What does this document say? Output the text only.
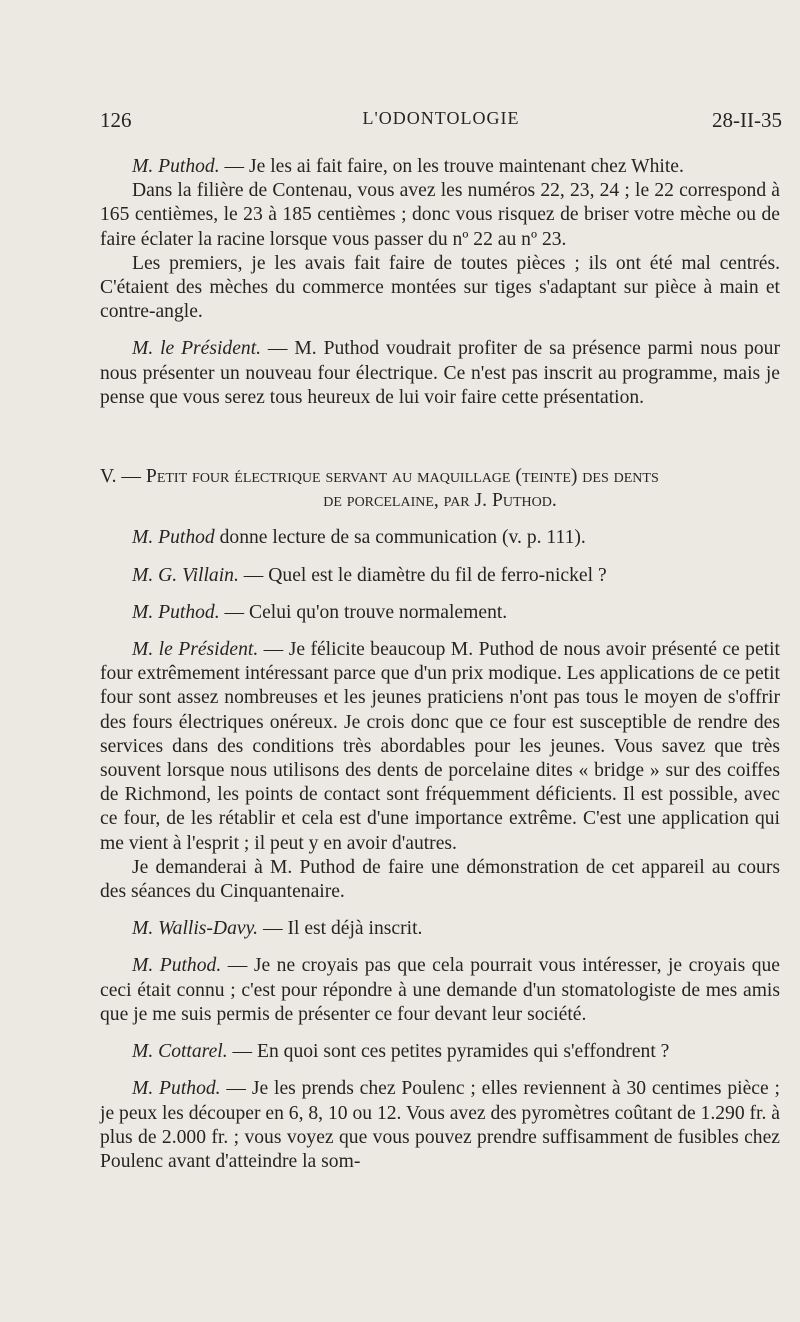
126	L'ODONTOLOGIE	28-II-35

M. Puthod. — Je les ai fait faire, on les trouve maintenant chez White.

Dans la filière de Contenau, vous avez les numéros 22, 23, 24 ; le 22 correspond à 165 centièmes, le 23 à 185 centièmes ; donc vous risquez de briser votre mèche ou de faire éclater la racine lorsque vous passer du nº 22 au nº 23.

Les premiers, je les avais fait faire de toutes pièces ; ils ont été mal centrés. C'étaient des mèches du commerce montées sur tiges s'adaptant sur pièce à main et contre-angle.

M. le Président. — M. Puthod voudrait profiter de sa présence parmi nous pour nous présenter un nouveau four électrique. Ce n'est pas inscrit au programme, mais je pense que vous serez tous heureux de lui voir faire cette présentation.

V. — Petit four électrique servant au maquillage (teinte) des dents

de porcelaine, par J. Puthod.

M. Puthod donne lecture de sa communication (v. p. 111).

M. G. Villain. — Quel est le diamètre du fil de ferro-nickel ?

M. Puthod. — Celui qu'on trouve normalement.

M. le Président. — Je félicite beaucoup M. Puthod de nous avoir présenté ce petit four extrêmement intéressant parce que d'un prix modique. Les applications de ce petit four sont assez nombreuses et les jeunes praticiens n'ont pas tous le moyen de s'offrir des fours électriques onéreux. Je crois donc que ce four est susceptible de rendre des services dans des conditions très abordables pour les jeunes. Vous savez que très souvent lorsque nous utilisons des dents de porcelaine dites « bridge » sur des coiffes de Richmond, les points de contact sont fréquemment déficients. Il est possible, avec ce four, de les rétablir et cela est d'une importance extrême. C'est une application qui me vient à l'esprit ; il peut y en avoir d'autres.

Je demanderai à M. Puthod de faire une démonstration de cet appareil au cours des séances du Cinquantenaire.

M. Wallis-Davy. — Il est déjà inscrit.

M. Puthod. — Je ne croyais pas que cela pourrait vous intéresser, je croyais que ceci était connu ; c'est pour répondre à une demande d'un stomatologiste de mes amis que je me suis permis de présenter ce four devant leur société.

M. Cottarel. — En quoi sont ces petites pyramides qui s'effondrent ?

M. Puthod. — Je les prends chez Poulenc ; elles reviennent à 30 centimes pièce ; je peux les découper en 6, 8, 10 ou 12. Vous avez des pyromètres coûtant de 1.290 fr. à plus de 2.000 fr. ; vous voyez que vous pouvez prendre suffisamment de fusibles chez Poulenc avant d'atteindre la som-
